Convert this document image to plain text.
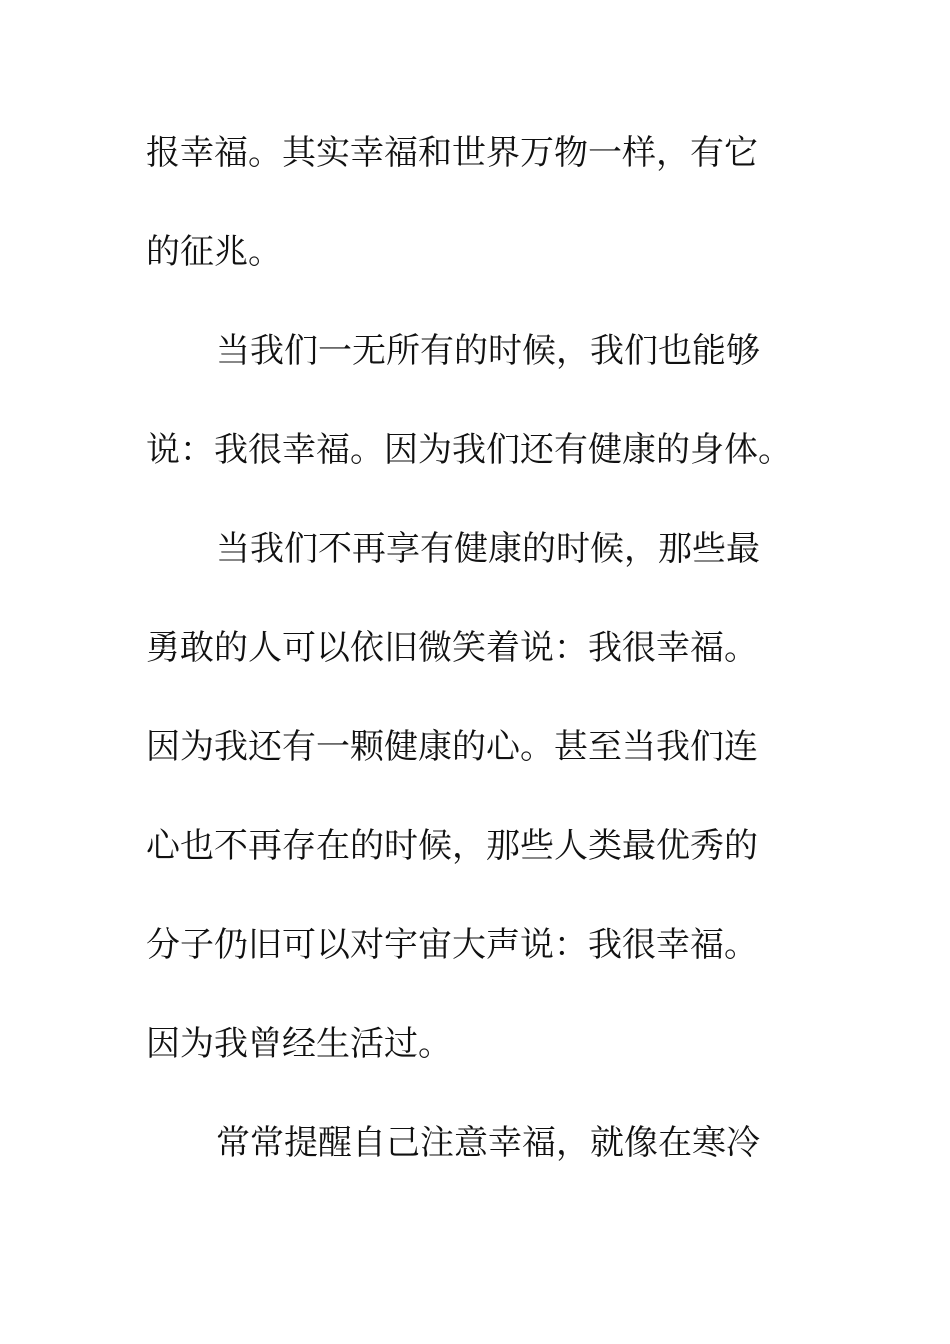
报幸福。其实幸福和世界万物一样，有它
的征兆。
当我们一无所有的时候，我们也能够
说：我很幸福。因为我们还有健康的身体。
当我们不再享有健康的时候，那些最
勇敢的人可以依旧微笑着说：我很幸福。
因为我还有一颗健康的心。甚至当我们连
心也不再存在的时候，那些人类最优秀的
分子仍旧可以对宇宙大声说：我很幸福。
因为我曾经生活过。
常常提醒自己注意幸福，就像在寒冷
